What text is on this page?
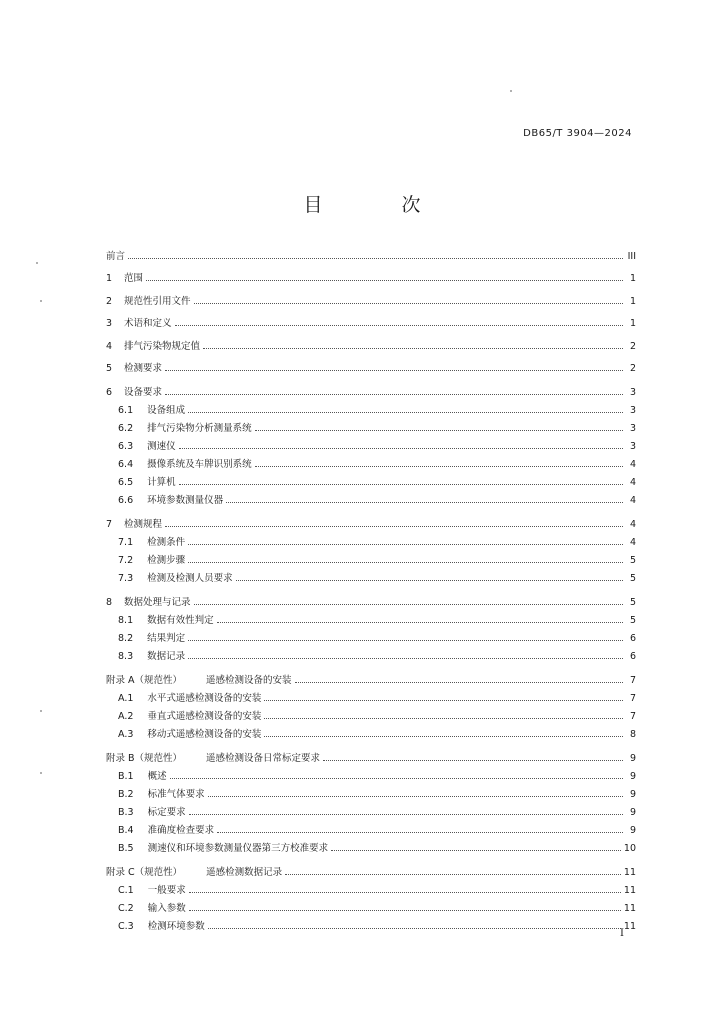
DB65/T 3904—2024
目　次
前言	III
1 范围	1
2 规范性引用文件	1
3 术语和定义	1
4 排气污染物规定值	2
5 检测要求	2
6 设备要求	3
6.1 设备组成	3
6.2 排气污染物分析测量系统	3
6.3 测速仪	3
6.4 摄像系统及车牌识别系统	4
6.5 计算机	4
6.6 环境参数测量仪器	4
7 检测规程	4
7.1 检测条件	4
7.2 检测步骤	5
7.3 检测及检测人员要求	5
8 数据处理与记录	5
8.1 数据有效性判定	5
8.2 结果判定	6
8.3 数据记录	6
附录 A（规范性）	遥感检测设备的安装	7
A.1 水平式遥感检测设备的安装	7
A.2 垂直式遥感检测设备的安装	7
A.3 移动式遥感检测设备的安装	8
附录 B（规范性）	遥感检测设备日常标定要求	9
B.1 概述	9
B.2 标准气体要求	9
B.3 标定要求	9
B.4 准确度检查要求	9
B.5 测速仪和环境参数测量仪器第三方校准要求	10
附录 C（规范性）	遥感检测数据记录	11
C.1 一般要求	11
C.2 输入参数	11
C.3 检测环境参数	11
I
